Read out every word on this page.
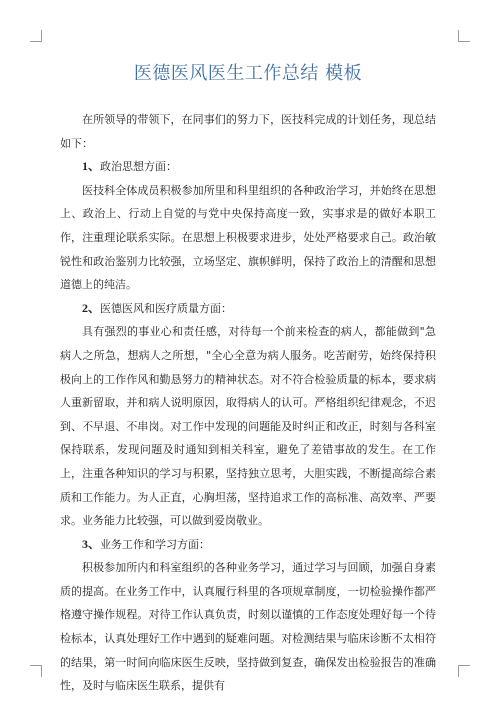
医德医风医生工作总结 模板

在所领导的带领下，在同事们的努力下，医技科完成的计划任务，现总结如下：

1、政治思想方面：

医技科全体成员积极参加所里和科里组织的各种政治学习，并始终在思想上、政治上、行动上自觉的与党中央保持高度一致，实事求是的做好本职工作，注重理论联系实际。在思想上积极要求进步，处处严格要求自己。政治敏锐性和政治鉴别力比较强，立场坚定、旗帜鲜明，保持了政治上的清醒和思想道德上的纯洁。

2、医德医风和医疗质量方面：

具有强烈的事业心和责任感，对待每一个前来检查的病人，都能做到"急病人之所急，想病人之所想，"全心全意为病人服务。吃苦耐劳，始终保持积极向上的工作作风和勤恳努力的精神状态。对不符合检验质量的标本，要求病人重新留取，并和病人说明原因，取得病人的认可。严格组织纪律观念，不迟到、不早退、不串岗。对工作中发现的问题能及时纠正和改正，时刻与各科室保持联系，发现问题及时通知到相关科室，避免了差错事故的发生。在工作上，注重各种知识的学习与积累，坚持独立思考，大胆实践，不断提高综合素质和工作能力。为人正直，心胸坦荡，坚持追求工作的高标准、高效率、严要求。业务能力比较强，可以做到爱岗敬业。

3、业务工作和学习方面：

积极参加所内和科室组织的各种业务学习，通过学习与回顾，加强自身素质的提高。在业务工作中，认真履行科里的各项规章制度，一切检验操作都严格遵守操作规程。对待工作认真负责，时刻以谨慎的工作态度处理好每一个待检标本，认真处理好工作中遇到的疑难问题。对检测结果与临床诊断不太相符的结果，第一时间向临床医生反映，坚持做到复查，确保发出检验报告的准确性，及时与临床医生联系，提供有
